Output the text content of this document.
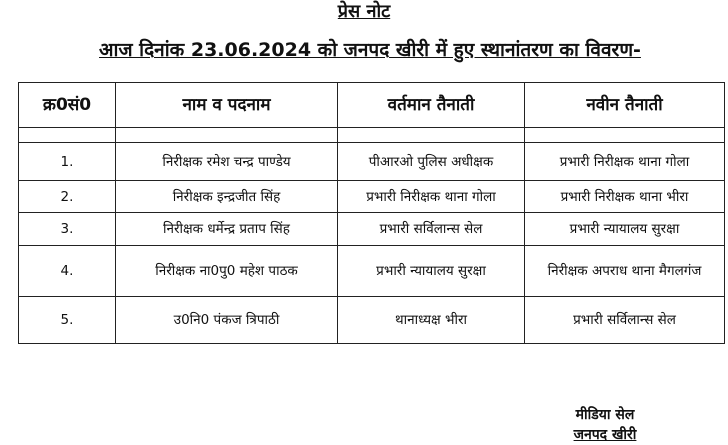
प्रेस नोट
आज दिनांक 23.06.2024 को जनपद खीरी में हुए स्थानांतरण का विवरण-
क्र0सं0	नाम व पदनाम	वर्तमान तैनाती	नवीन तैनाती

1.	निरीक्षक रमेश चन्द्र पाण्डेय	पीआरओ पुलिस अधीक्षक	प्रभारी निरीक्षक थाना गोला
2.	निरीक्षक इन्द्रजीत सिंह	प्रभारी निरीक्षक थाना गोला	प्रभारी निरीक्षक थाना भीरा
3.	निरीक्षक धर्मेन्द्र प्रताप सिंह	प्रभारी सर्विलान्स सेल	प्रभारी न्यायालय सुरक्षा
4.	निरीक्षक ना0पु0 महेश पाठक	प्रभारी न्यायालय सुरक्षा	निरीक्षक अपराध थाना मैगलगंज
5.	उ0नि0 पंकज त्रिपाठी	थानाध्यक्ष भीरा	प्रभारी सर्विलान्स सेल
मीडिया सेल
जनपद खीरी
